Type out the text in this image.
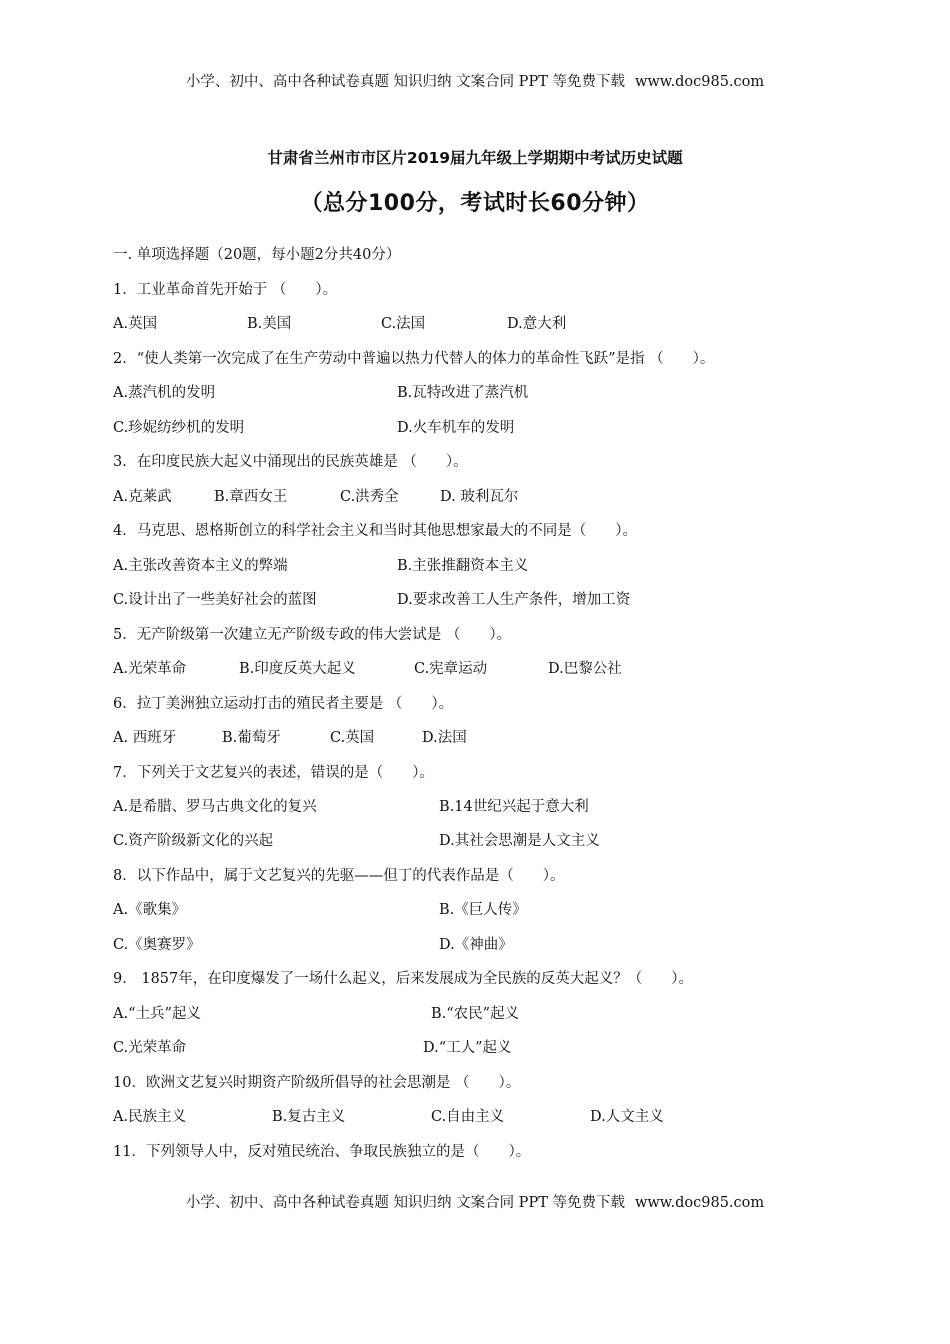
小学、初中、高中各种试卷真题 知识归纳 文案合同 PPT 等免费下载 www.doc985.com
甘肃省兰州市市区片2019届九年级上学期期中考试历史试题
（总分100分，考试时长60分钟）
一. 单项选择题（20题，每小题2分共40分）
1．工业革命首先开始于 （　　）。
A.英国	B.美国	C.法国	D.意大利
2．“使人类第一次完成了在生产劳动中普遍以热力代替人的体力的革命性飞跃”是指 （　　）。
A.蒸汽机的发明	B.瓦特改进了蒸汽机
C.珍妮纺纱机的发明	D.火车机车的发明
3．在印度民族大起义中涌现出的民族英雄是 （　　）。
A.克莱武	B.章西女王	C.洪秀全	D. 玻利瓦尔
4．马克思、恩格斯创立的科学社会主义和当时其他思想家最大的不同是（　　）。
A.主张改善资本主义的弊端	B.主张推翻资本主义
C.设计出了一些美好社会的蓝图	D.要求改善工人生产条件，增加工资
5．无产阶级第一次建立无产阶级专政的伟大尝试是 （　　）。
A.光荣革命	B.印度反英大起义	C.宪章运动	D.巴黎公社
6．拉丁美洲独立运动打击的殖民者主要是 （　　）。
A. 西班牙	B.葡萄牙	C.英国	D.法国
7．下列关于文艺复兴的表述，错误的是（　　）。
A.是希腊、罗马古典文化的复兴	B.14世纪兴起于意大利
C.资产阶级新文化的兴起	D.其社会思潮是人文主义
8．以下作品中，属于文艺复兴的先驱——但丁的代表作品是（　　）。
A.《歌集》	B.《巨人传》
C.《奥赛罗》	D.《神曲》
9． 1857年，在印度爆发了一场什么起义，后来发展成为全民族的反英大起义？（　　）。
A.“土兵”起义	B.“农民”起义
C.光荣革命	D.“工人”起义
10．欧洲文艺复兴时期资产阶级所倡导的社会思潮是 （　　）。
A.民族主义	B.复古主义	C.自由主义	D.人文主义
11．下列领导人中，反对殖民统治、争取民族独立的是（　　）。
小学、初中、高中各种试卷真题 知识归纳 文案合同 PPT 等免费下载 www.doc985.com
